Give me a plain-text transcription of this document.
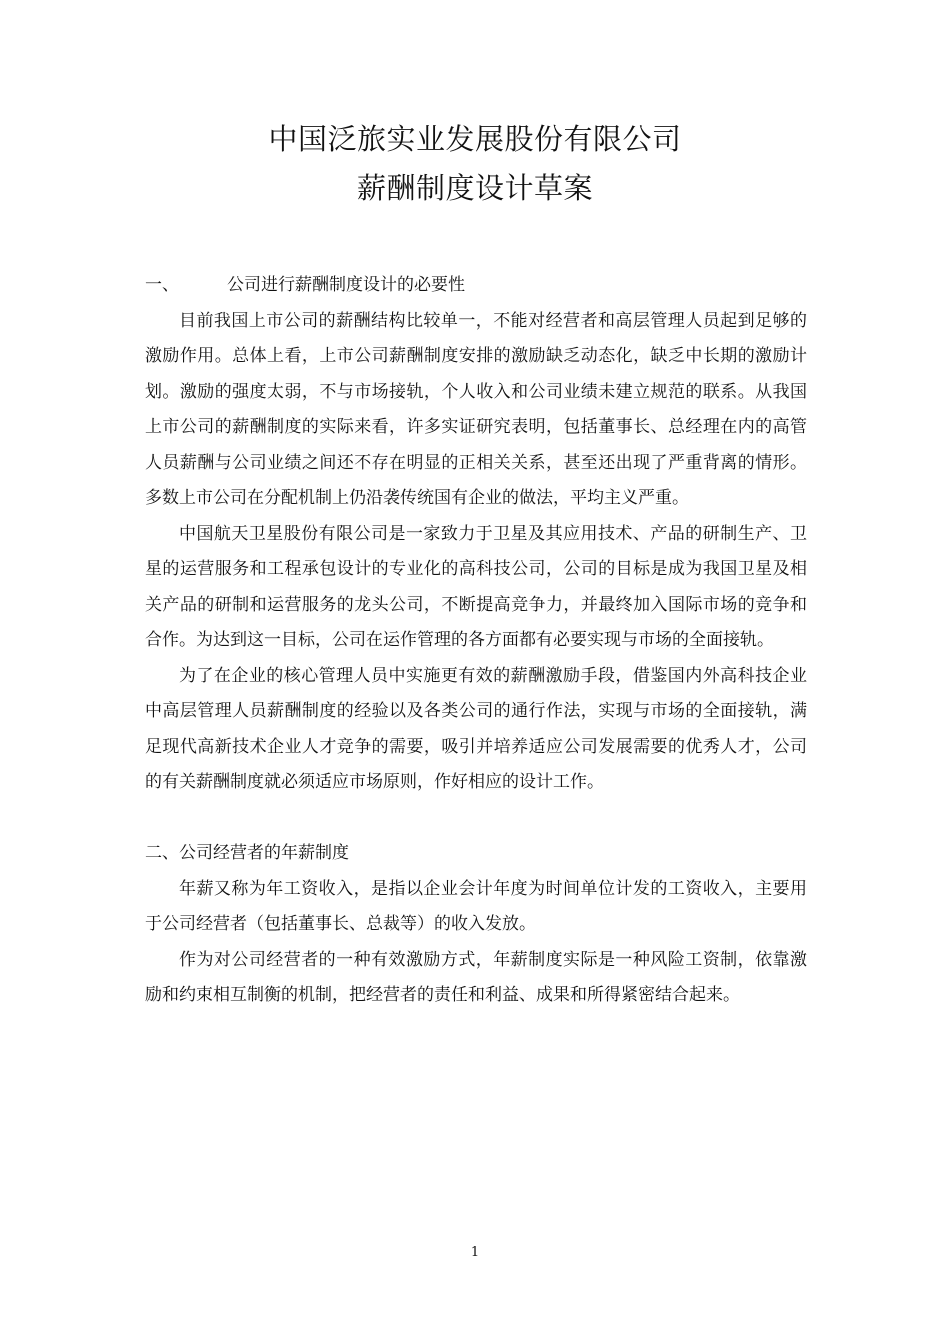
中国泛旅实业发展股份有限公司
薪酬制度设计草案
一、	公司进行薪酬制度设计的必要性

目前我国上市公司的薪酬结构比较单一，不能对经营者和高层管理人员起到足够的激励作用。总体上看，上市公司薪酬制度安排的激励缺乏动态化，缺乏中长期的激励计划。激励的强度太弱，不与市场接轨，个人收入和公司业绩未建立规范的联系。从我国上市公司的薪酬制度的实际来看，许多实证研究表明，包括董事长、总经理在内的高管人员薪酬与公司业绩之间还不存在明显的正相关关系，甚至还出现了严重背离的情形。多数上市公司在分配机制上仍沿袭传统国有企业的做法，平均主义严重。

中国航天卫星股份有限公司是一家致力于卫星及其应用技术、产品的研制生产、卫星的运营服务和工程承包设计的专业化的高科技公司，公司的目标是成为我国卫星及相关产品的研制和运营服务的龙头公司，不断提高竞争力，并最终加入国际市场的竞争和合作。为达到这一目标，公司在运作管理的各方面都有必要实现与市场的全面接轨。

为了在企业的核心管理人员中实施更有效的薪酬激励手段，借鉴国内外高科技企业中高层管理人员薪酬制度的经验以及各类公司的通行作法，实现与市场的全面接轨，满足现代高新技术企业人才竞争的需要，吸引并培养适应公司发展需要的优秀人才，公司的有关薪酬制度就必须适应市场原则，作好相应的设计工作。

二、公司经营者的年薪制度

年薪又称为年工资收入，是指以企业会计年度为时间单位计发的工资收入，主要用于公司经营者（包括董事长、总裁等）的收入发放。

作为对公司经营者的一种有效激励方式，年薪制度实际是一种风险工资制，依靠激励和约束相互制衡的机制，把经营者的责任和利益、成果和所得紧密结合起来。

1
